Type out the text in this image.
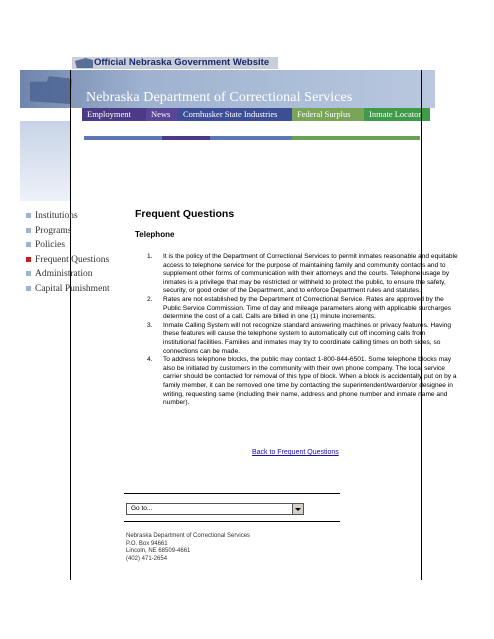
Official Nebraska Government Website
Nebraska Department of Correctional Services
Employment	News	Cornhusker State Industries	Federal Surplus	Inmate Locator
Institutions
Programs
Policies
Frequent Questions
Administration
Capital Punishment
Frequent Questions
Telephone
1. It is the policy of the Department of Correctional Services to permit inmates reasonable and equitable access to telephone service for the purpose of maintaining family and community contacts and to supplement other forms of communication with their attorneys and the courts. Telephone usage by inmates is a privilege that may be restricted or withheld to protect the public, to ensure the safety, security, or good order of the Department, and to enforce Department rules and statutes.
2. Rates are not established by the Department of Correctional Service. Rates are approved by the Public Service Commission. Time of day and mileage parameters along with applicable surcharges determine the cost of a call. Calls are billed in one (1) minute increments.
3. Inmate Calling System will not recognize standard answering machines or privacy features. Having these features will cause the telephone system to automatically cut off incoming calls from institutional facilities. Families and inmates may try to coordinate calling times on both sides, so connections can be made.
4. To address telephone blocks, the public may contact 1-800-844-6501. Some telephone blocks may also be initiated by customers in the community with their own phone company. The local service carrier should be contacted for removal of this type of block. When a block is accidentally put on by a family member, it can be removed one time by contacting the superintendent/warden/or designee in writing, requesting same (including their name, address and phone number and inmate name and number).
Back to Frequent Questions
Go to...
Nebraska Department of Correctional Services
P.O. Box 94661
Lincoln, NE 68509-4661
(402) 471-2654
